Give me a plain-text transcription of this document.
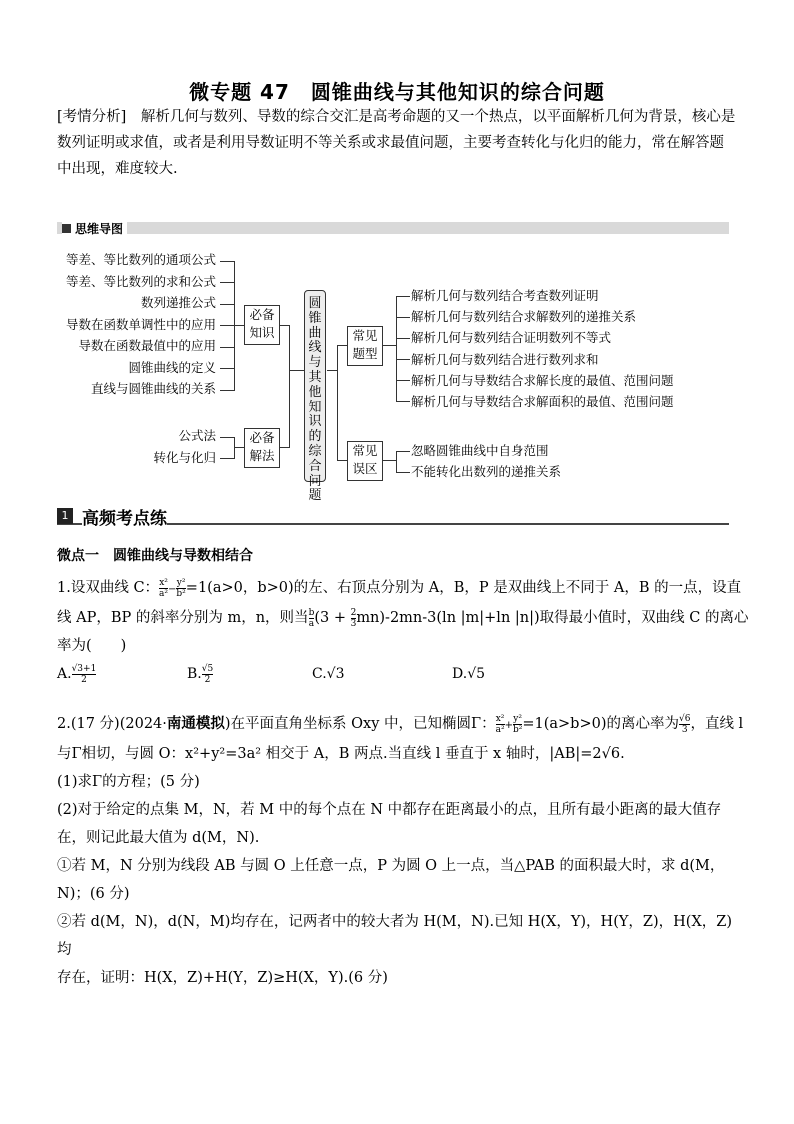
微专题 47　圆锥曲线与其他知识的综合问题
[考情分析]　解析几何与数列、导数的综合交汇是高考命题的又一个热点，以平面解析几何为背景，核心是数列证明或求值，或者是利用导数证明不等关系或求最值问题，主要考查转化与化归的能力，常在解答题中出现，难度较大.
思维导图
等差、等比数列的通项公式
等差、等比数列的求和公式
数列递推公式
导数在函数单调性中的应用
导数在函数最值中的应用
圆锥曲线的定义
直线与圆锥曲线的关系
必备知识
公式法
转化与化归
必备解法
圆锥曲线与其他知识的综合问题
常见题型
常见误区
解析几何与数列结合考查数列证明
解析几何与数列结合求解数列的递推关系
解析几何与数列结合证明数列不等式
解析几何与数列结合进行数列求和
解析几何与导数结合求解长度的最值、范围问题
解析几何与导数结合求解面积的最值、范围问题
忽略圆锥曲线中自身范围
不能转化出数列的递推关系
1 高频考点练
微点一　圆锥曲线与导数相结合
1.设双曲线 C： $\frac{\text{x²}}{\text{a²}} - \frac{\text{y²}}{\text{b²}} =1(a>0$，b>0)的左、右顶点分别为 A，B，P 是双曲线上不同于 A，B 的一点，设直
线 AP，BP 的斜率分别为 m，n，则当 $\frac{b}{a} (3 + \frac{2}{3} mn)-2mn-3(\ln$ |m|+ln |n|)取得最小值时，双曲线 C 的离心
率为(　　)
A. $\frac{√3+1}{2}$	B. $\frac{√5}{2}$	C.√3	D.√5
2.(17 分)(2024·南通模拟)在平面直角坐标系 Oxy 中，已知椭圆Γ： $\frac{\text{x²}}{\text{a²}} + \frac{\text{y²}}{\text{b²}} =1(a>b>0)$的离心率为 $\frac{√6}{3}$ ，直线 l
与Γ相切，与圆 O：x²+y²=3a² 相交于 A，B 两点.当直线 l 垂直于 x 轴时，|AB|=2√6.
(1)求Γ的方程；(5 分)
(2)对于给定的点集 M，N，若 M 中的每个点在 N 中都存在距离最小的点，且所有最小距离的最大值存
在，则记此最大值为 d(M，N).
①若 M，N 分别为线段 AB 与圆 O 上任意一点，P 为圆 O 上一点，当△PAB 的面积最大时，求 d(M，
N)；(6 分)
②若 d(M，N)，d(N，M)均存在，记两者中的较大者为 H(M，N).已知 H(X，Y)，H(Y，Z)，H(X，Z)均
存在，证明：H(X，Z)+H(Y，Z)≥H(X，Y).(6 分)
